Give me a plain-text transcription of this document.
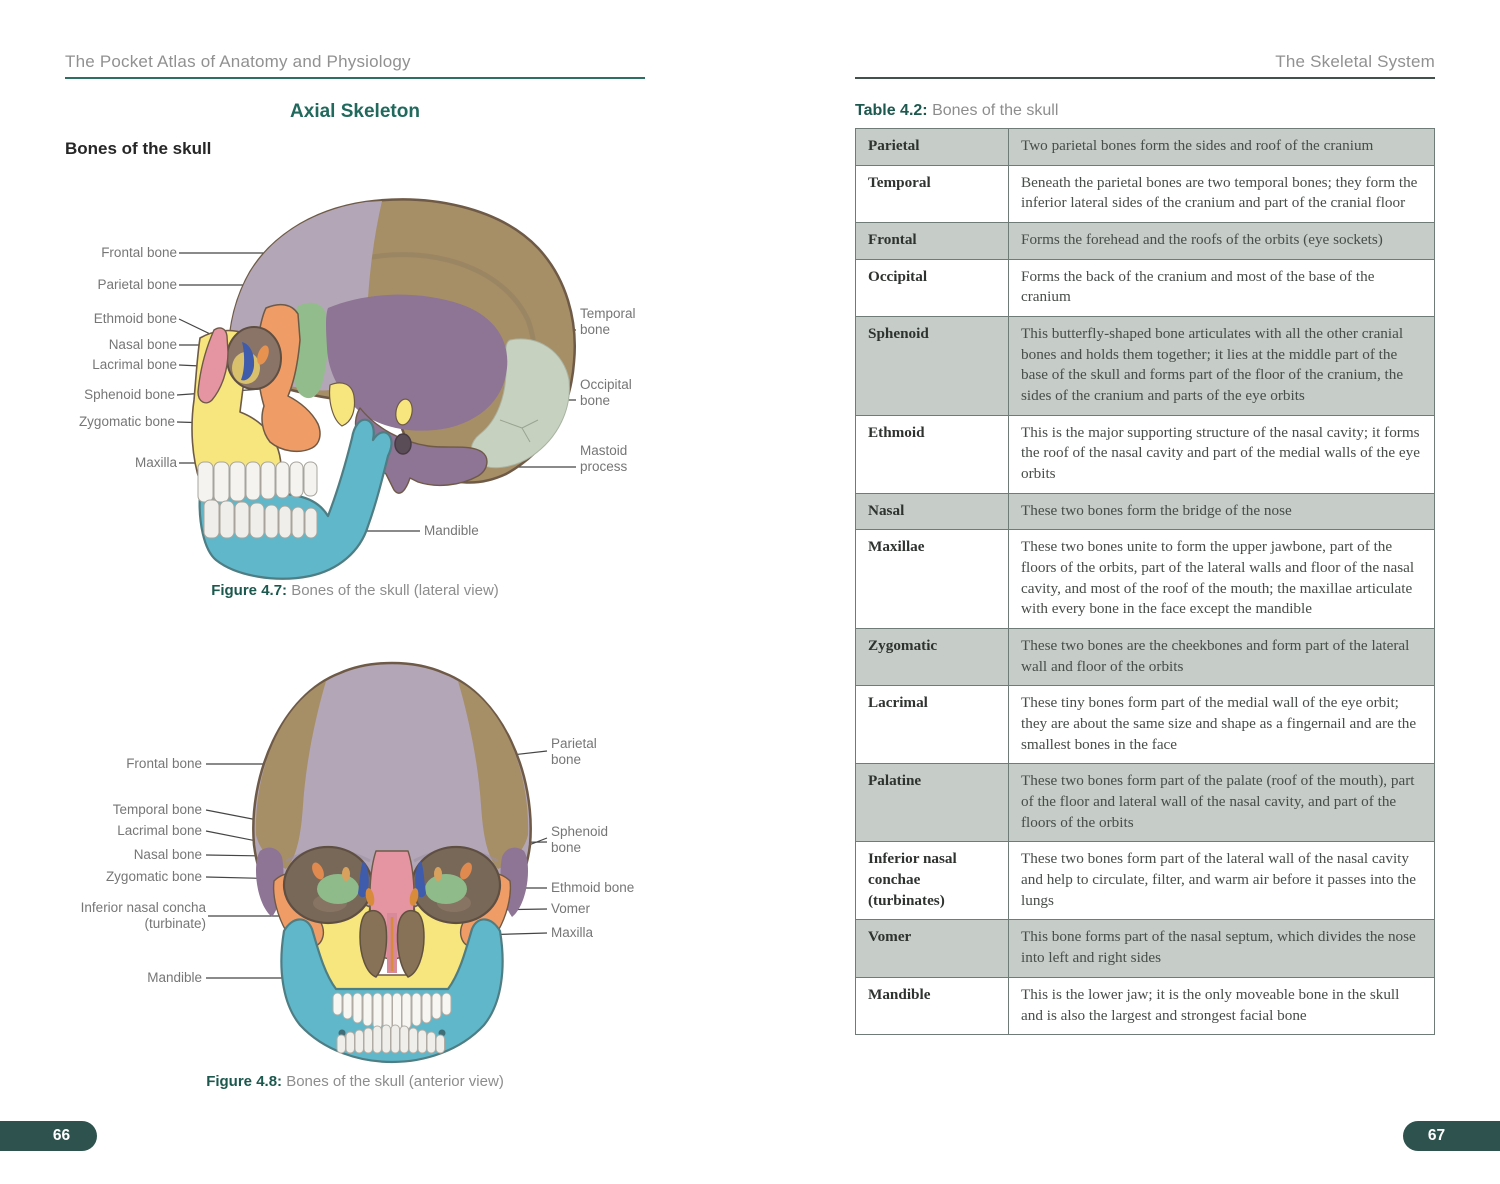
The Pocket Atlas of Anatomy and Physiology
Axial Skeleton
Bones of the skull
Frontal bone
Parietal bone
Ethmoid bone
Nasal bone
Lacrimal bone
Sphenoid bone
Zygomatic bone
Maxilla
Temporal bone
Occipital bone
Mastoid process
Mandible
Figure 4.7: Bones of the skull (lateral view)
Frontal bone
Temporal bone
Lacrimal bone
Nasal bone
Zygomatic bone
Inferior nasal concha (turbinate)
Mandible
Parietal bone
Sphenoid bone
Ethmoid bone
Vomer
Maxilla
Figure 4.8: Bones of the skull (anterior view)
66
The Skeletal System
Table 4.2: Bones of the skull
Parietal	Two parietal bones form the sides and roof of the cranium
Temporal	Beneath the parietal bones are two temporal bones; they form the inferior lateral sides of the cranium and part of the cranial floor
Frontal	Forms the forehead and the roofs of the orbits (eye sockets)
Occipital	Forms the back of the cranium and most of the base of the cranium
Sphenoid	This butterfly-shaped bone articulates with all the other cranial bones and holds them together; it lies at the middle part of the base of the skull and forms part of the floor of the cranium, the sides of the cranium and parts of the eye orbits
Ethmoid	This is the major supporting structure of the nasal cavity; it forms the roof of the nasal cavity and part of the medial walls of the eye orbits
Nasal	These two bones form the bridge of the nose
Maxillae	These two bones unite to form the upper jawbone, part of the floors of the orbits, part of the lateral walls and floor of the nasal cavity, and most of the roof of the mouth; the maxillae articulate with every bone in the face except the mandible
Zygomatic	These two bones are the cheekbones and form part of the lateral wall and floor of the orbits
Lacrimal	These tiny bones form part of the medial wall of the eye orbit; they are about the same size and shape as a fingernail and are the smallest bones in the face
Palatine	These two bones form part of the palate (roof of the mouth), part of the floor and lateral wall of the nasal cavity, and part of the floors of the orbits
Inferior nasal conchae (turbinates)	These two bones form part of the lateral wall of the nasal cavity and help to circulate, filter, and warm air before it passes into the lungs
Vomer	This bone forms part of the nasal septum, which divides the nose into left and right sides
Mandible	This is the lower jaw; it is the only moveable bone in the skull and is also the largest and strongest facial bone
67
